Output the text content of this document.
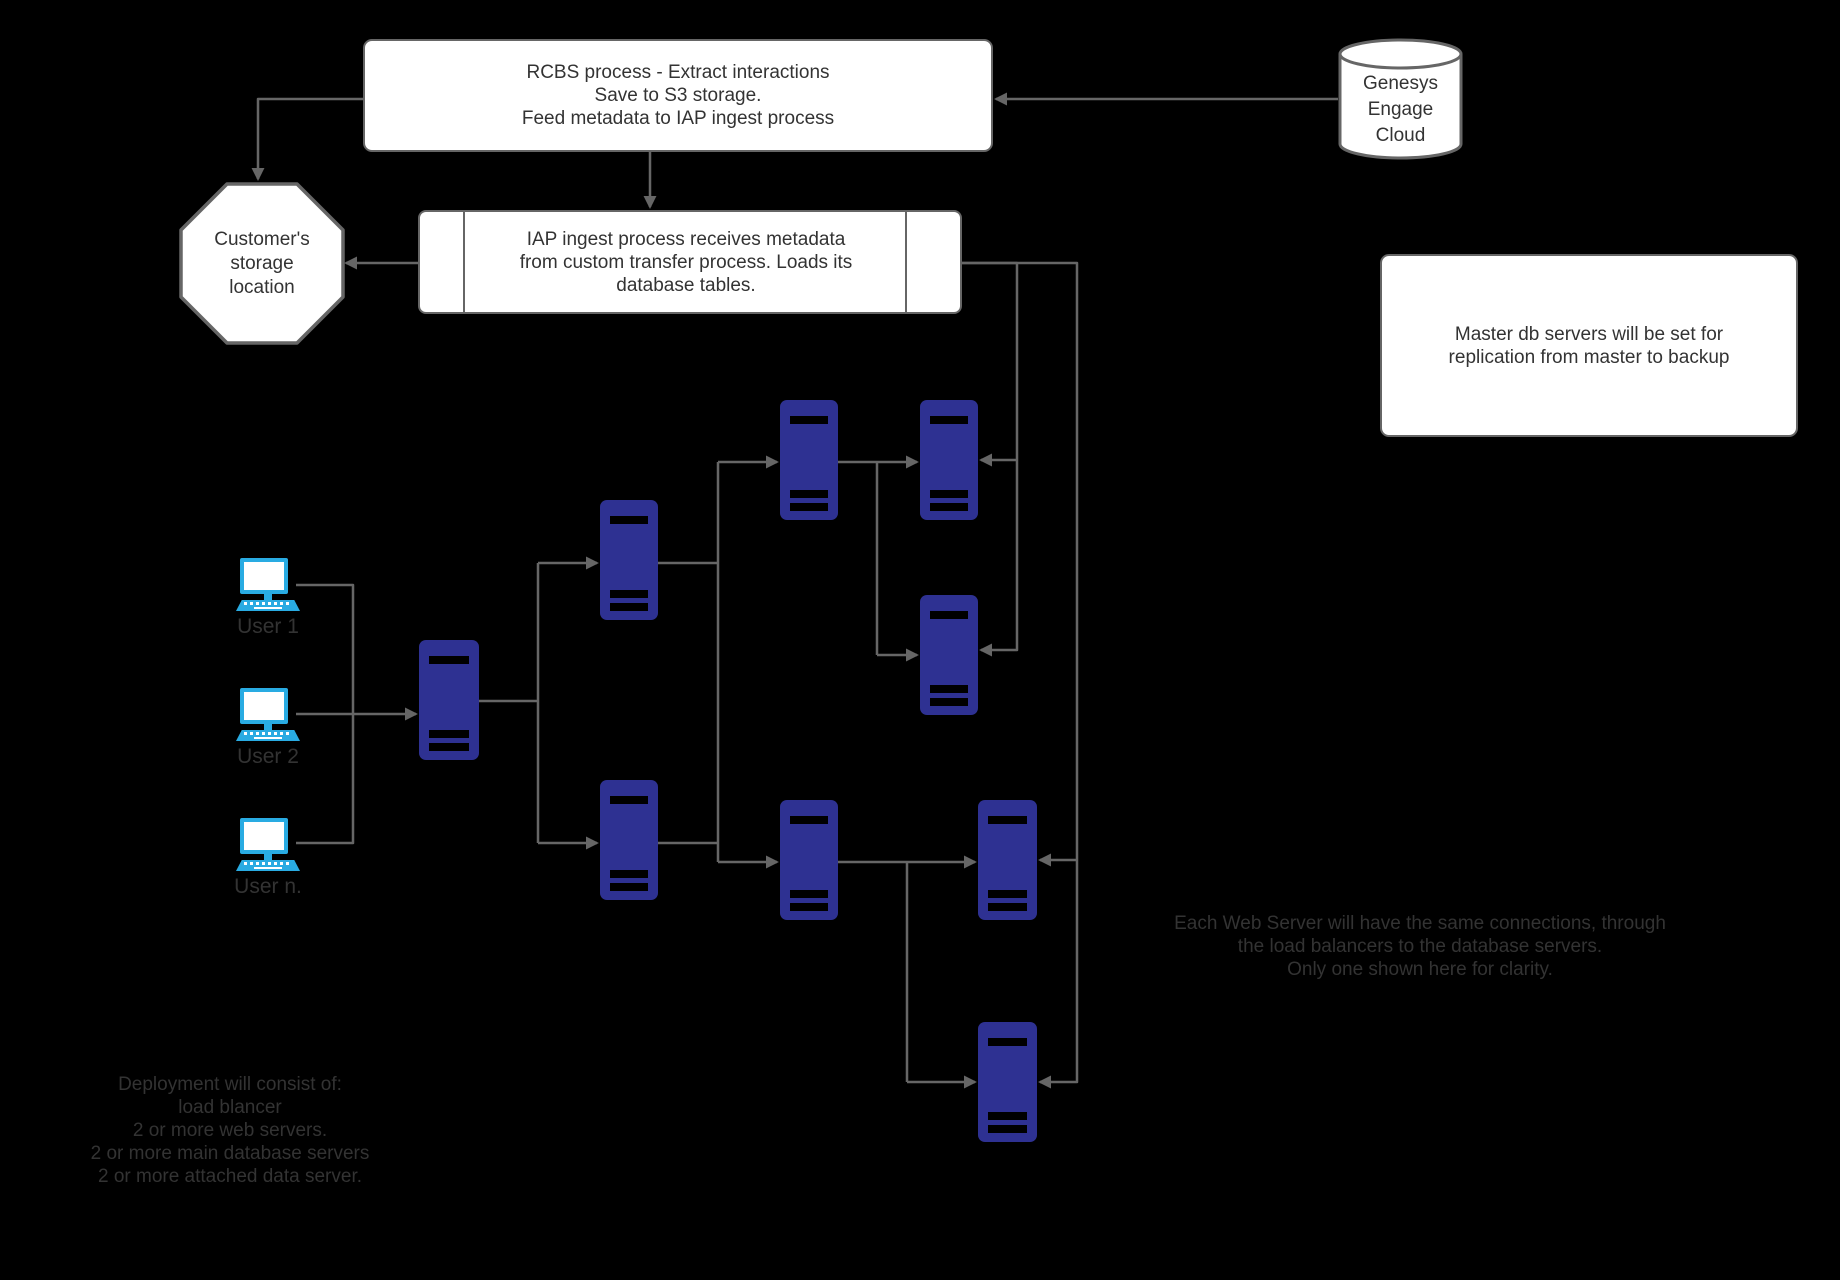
RCBS process - Extract interactions
Save to S3 storage.
Feed metadata to IAP ingest process
Genesys
Engage
Cloud
Customer's
storage
location
IAP ingest process receives metadata
from custom transfer process. Loads its
database tables.
Master db servers will be set for
replication from master to backup
User 1
User 2
User n.
Each Web Server will have the same connections, through
the load balancers to the database servers.
Only one shown here for clarity.
Deployment will consist of:
load blancer
2 or more web servers.
2 or more main database servers
2 or more attached data server.
